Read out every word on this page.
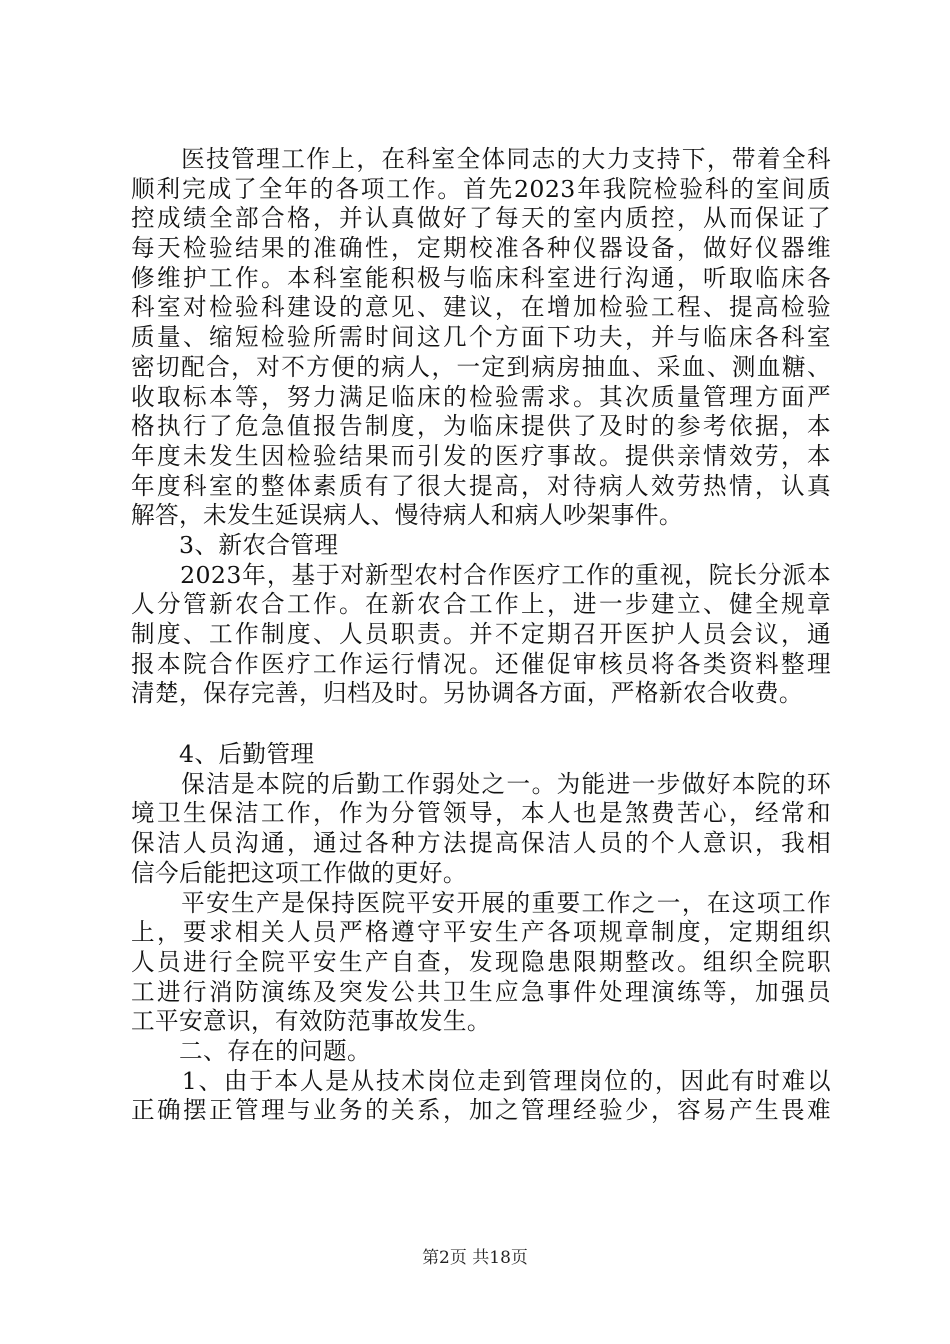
　　医技管理工作上，在科室全体同志的大力支持下，带着全科
顺利完成了全年的各项工作。首先2023年我院检验科的室间质
控成绩全部合格，并认真做好了每天的室内质控，从而保证了
每天检验结果的准确性，定期校准各种仪器设备，做好仪器维
修维护工作。本科室能积极与临床科室进行沟通，听取临床各
科室对检验科建设的意见、建议，在增加检验工程、提高检验
质量、缩短检验所需时间这几个方面下功夫，并与临床各科室
密切配合，对不方便的病人，一定到病房抽血、采血、测血糖、
收取标本等，努力满足临床的检验需求。其次质量管理方面严
格执行了危急值报告制度，为临床提供了及时的参考依据，本
年度未发生因检验结果而引发的医疗事故。提供亲情效劳，本
年度科室的整体素质有了很大提高，对待病人效劳热情，认真
解答，未发生延误病人、慢待病人和病人吵架事件。
　　3、新农合管理
　　2023年，基于对新型农村合作医疗工作的重视，院长分派本
人分管新农合工作。在新农合工作上，进一步建立、健全规章
制度、工作制度、人员职责。并不定期召开医护人员会议，通
报本院合作医疗工作运行情况。还催促审核员将各类资料整理
清楚，保存完善，归档及时。另协调各方面，严格新农合收费。
　　4、后勤管理
　　保洁是本院的后勤工作弱处之一。为能进一步做好本院的环
境卫生保洁工作，作为分管领导，本人也是煞费苦心，经常和
保洁人员沟通，通过各种方法提高保洁人员的个人意识，我相
信今后能把这项工作做的更好。
　　平安生产是保持医院平安开展的重要工作之一，在这项工作
上，要求相关人员严格遵守平安生产各项规章制度，定期组织
人员进行全院平安生产自查，发现隐患限期整改。组织全院职
工进行消防演练及突发公共卫生应急事件处理演练等，加强员
工平安意识，有效防范事故发生。
　　二、存在的问题。
　　1、由于本人是从技术岗位走到管理岗位的，因此有时难以
正确摆正管理与业务的关系，加之管理经验少，容易产生畏难
第2页 共18页
